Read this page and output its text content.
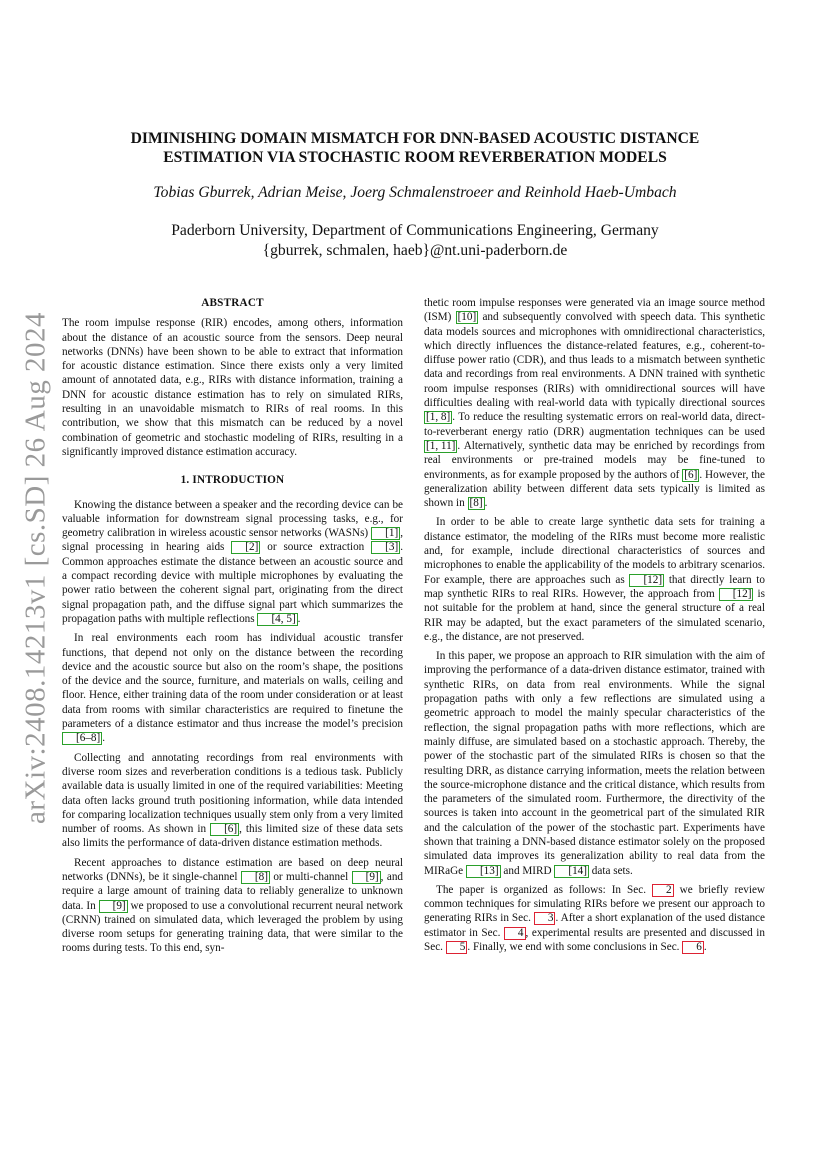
arXiv:2408.14213v1 [cs.SD] 26 Aug 2024
DIMINISHING DOMAIN MISMATCH FOR DNN-BASED ACOUSTIC DISTANCE
ESTIMATION VIA STOCHASTIC ROOM REVERBERATION MODELS
Tobias Gburrek, Adrian Meise, Joerg Schmalenstroeer and Reinhold Haeb-Umbach
Paderborn University, Department of Communications Engineering, Germany
{gburrek, schmalen, haeb}@nt.uni-paderborn.de
ABSTRACT

The room impulse response (RIR) encodes, among others, information about the distance of an acoustic source from the sensors. Deep neural networks (DNNs) have been shown to be able to extract that information for acoustic distance estimation. Since there exists only a very limited amount of annotated data, e.g., RIRs with distance information, training a DNN for acoustic distance estimation has to rely on simulated RIRs, resulting in an unavoidable mismatch to RIRs of real rooms. In this contribution, we show that this mismatch can be reduced by a novel combination of geometric and stochastic modeling of RIRs, resulting in a significantly improved distance estimation accuracy.

1. INTRODUCTION

Knowing the distance between a speaker and the recording device can be valuable information for downstream signal processing tasks, e.g., for geometry calibration in wireless acoustic sensor networks (WASNs) [1] , signal processing in hearing aids [2] or source extraction [3] . Common approaches estimate the distance between an acoustic source and a compact recording device with multiple microphones by evaluating the power ratio between the coherent signal part, originating from the direct signal propagation path, and the diffuse signal part which summarizes the propagation paths with multiple reflections [4, 5] .

In real environments each room has individual acoustic transfer functions, that depend not only on the distance between the recording device and the acoustic source but also on the room’s shape, the positions of the device and the source, furniture, and materials on walls, ceiling and floor. Hence, either training data of the room under consideration or at least data from rooms with similar characteristics are required to finetune the parameters of a distance estimator and thus increase the model’s precision [6–8] .

Collecting and annotating recordings from real environments with diverse room sizes and reverberation conditions is a tedious task. Publicly available data is usually limited in one of the required variabilities: Meeting data often lacks ground truth positioning information, while data intended for comparing localization techniques usually stem only from a very limited number of rooms. As shown in [6] , this limited size of these data sets also limits the performance of data-driven distance estimation methods.

Recent approaches to distance estimation are based on deep neural networks (DNNs), be it single-channel [8] or multi-channel [9] , and require a large amount of training data to reliably generalize to unknown data. In [9] we proposed to use a convolutional recurrent neural network (CRNN) trained on simulated data, which leveraged the problem by using diverse room setups for generating training data, that were similar to the rooms during tests. To this end, syn-

thetic room impulse responses were generated via an image source method (ISM) [10] and subsequently convolved with speech data. This synthetic data models sources and microphones with omnidirectional characteristics, which directly influences the distance-related features, e.g., coherent-to-diffuse power ratio (CDR), and thus leads to a mismatch between synthetic data and recordings from real environments. A DNN trained with synthetic room impulse responses (RIRs) with omnidirectional sources will have difficulties dealing with real-world data with typically directional sources [1, 8] . To reduce the resulting systematic errors on real-world data, direct-to-reverberant energy ratio (DRR) augmentation techniques can be used [1, 11] . Alternatively, synthetic data may be enriched by recordings from real environments or pre-trained models may be fine-tuned to environments, as for example proposed by the authors of [6] . However, the generalization ability between different data sets typically is limited as shown in [8] .

In order to be able to create large synthetic data sets for training a distance estimator, the modeling of the RIRs must become more realistic and, for example, include directional characteristics of sources and microphones to enable the applicability of the models to arbitrary scenarios. For example, there are approaches such as [12] that directly learn to map synthetic RIRs to real RIRs. However, the approach from [12] is not suitable for the problem at hand, since the general structure of a real RIR may be adapted, but the exact parameters of the simulated scenario, e.g., the distance, are not preserved.

In this paper, we propose an approach to RIR simulation with the aim of improving the performance of a data-driven distance estimator, trained with synthetic RIRs, on data from real environments. While the signal propagation paths with only a few reflections are simulated using a geometric approach to model the mainly specular characteristics of the reflection, the signal propagation paths with more reflections, which are mainly diffuse, are simulated based on a stochastic approach. Thereby, the power of the stochastic part of the simulated RIRs is chosen so that the resulting DRR, as distance carrying information, meets the relation between the source-microphone distance and the critical distance, which results from the parameters of the simulated room. Furthermore, the directivity of the sources is taken into account in the geometrical part of the simulated RIR and the calculation of the power of the stochastic part. Experiments have shown that training a DNN-based distance estimator solely on the proposed simulated data improves its generalization ability to real data from the MIRaGe [13] and MIRD [14] data sets.

The paper is organized as follows: In Sec. 2 we briefly review common techniques for simulating RIRs before we present our approach to generating RIRs in Sec. 3 . After a short explanation of the used distance estimator in Sec. 4 , experimental results are presented and discussed in Sec. 5 . Finally, we end with some conclusions in Sec. 6 .
